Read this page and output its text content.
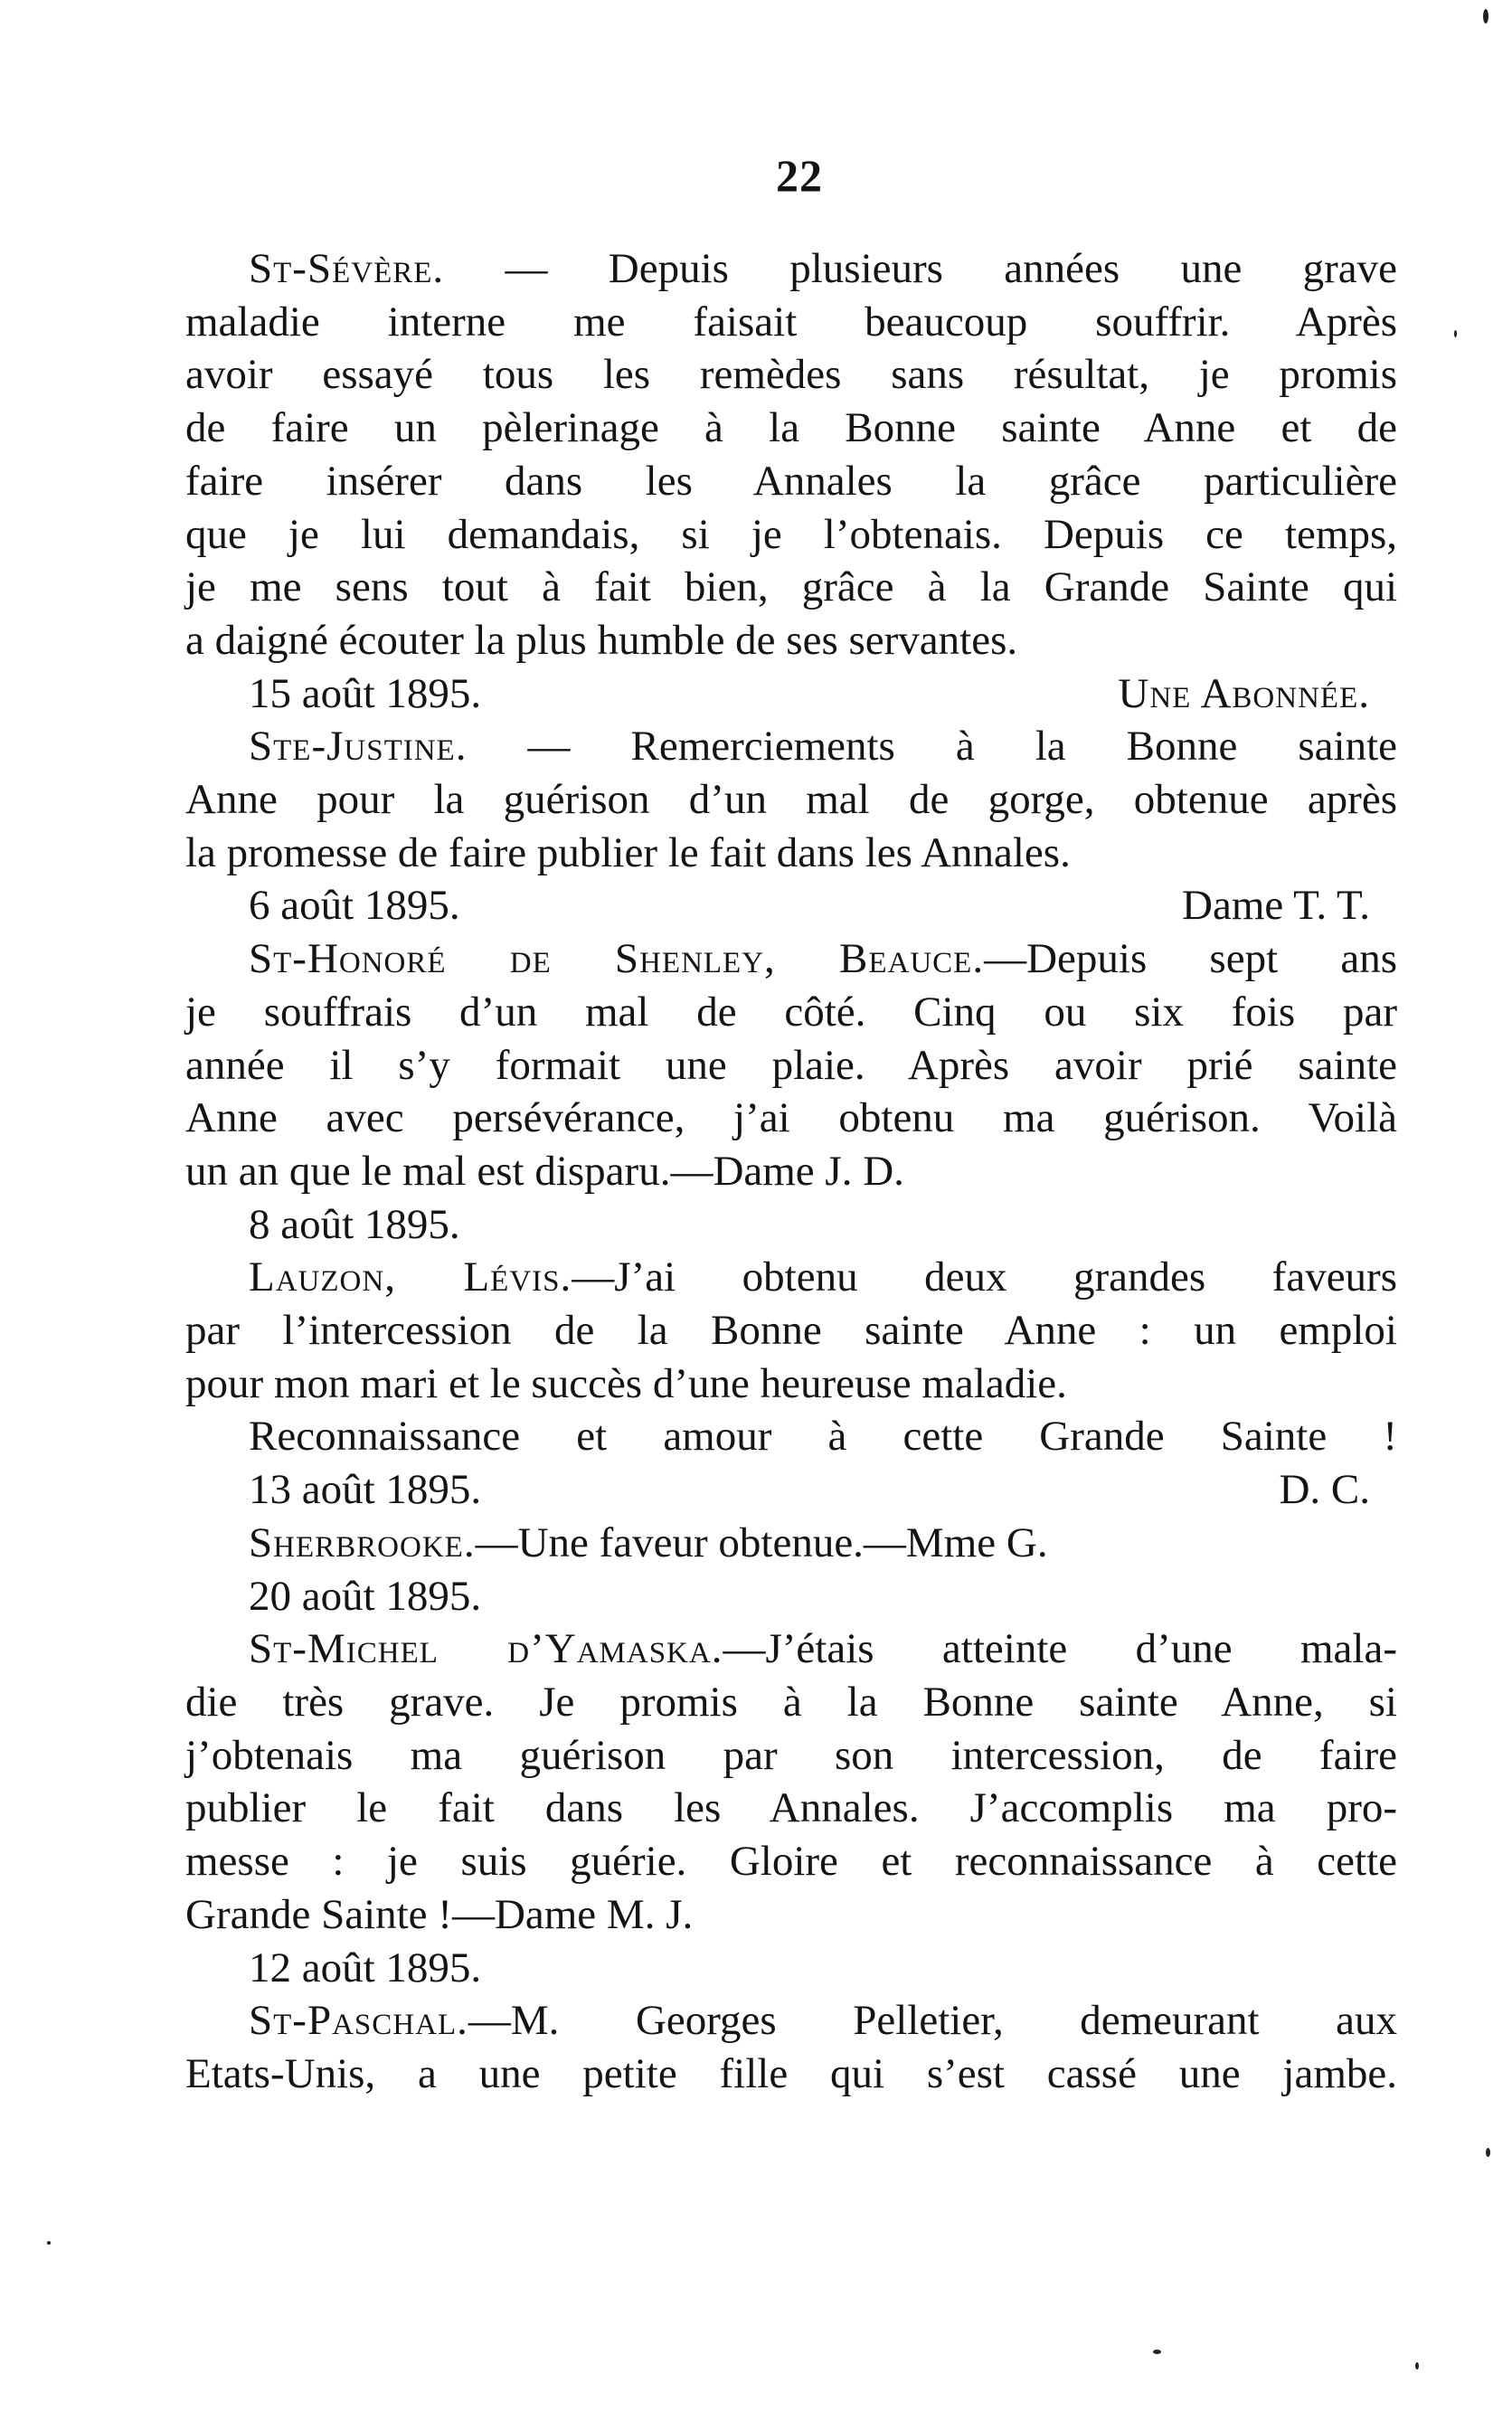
22
St-Sévère. — Depuis plusieurs années une grave
maladie interne me faisait beaucoup souffrir. Après
avoir essayé tous les remèdes sans résultat, je promis
de faire un pèlerinage à la Bonne sainte Anne et de
faire insérer dans les Annales la grâce particulière
que je lui demandais, si je l’obtenais. Depuis ce temps,
je me sens tout à fait bien, grâce à la Grande Sainte qui
a daigné écouter la plus humble de ses servantes.
15 août 1895.	Une Abonnée.
Ste-Justine. — Remerciements à la Bonne sainte
Anne pour la guérison d’un mal de gorge, obtenue après
la promesse de faire publier le fait dans les Annales.
6 août 1895.	Dame T. T.
St-Honoré de Shenley, Beauce.—Depuis sept ans
je souffrais d’un mal de côté. Cinq ou six fois par
année il s’y formait une plaie. Après avoir prié sainte
Anne avec persévérance, j’ai obtenu ma guérison. Voilà
un an que le mal est disparu.—Dame J. D.
8 août 1895.
Lauzon, Lévis.—J’ai obtenu deux grandes faveurs
par l’intercession de la Bonne sainte Anne : un emploi
pour mon mari et le succès d’une heureuse maladie.
Reconnaissance et amour à cette Grande Sainte !
13 août 1895.	D. C.
Sherbrooke.—Une faveur obtenue.—Mme G.
20 août 1895.
St-Michel d’Yamaska.—J’étais atteinte d’une mala-
die très grave. Je promis à la Bonne sainte Anne, si
j’obtenais ma guérison par son intercession, de faire
publier le fait dans les Annales. J’accomplis ma pro-
messe : je suis guérie. Gloire et reconnaissance à cette
Grande Sainte !—Dame M. J.
12 août 1895.
St-Paschal.—M. Georges Pelletier, demeurant aux
Etats-Unis, a une petite fille qui s’est cassé une jambe.
